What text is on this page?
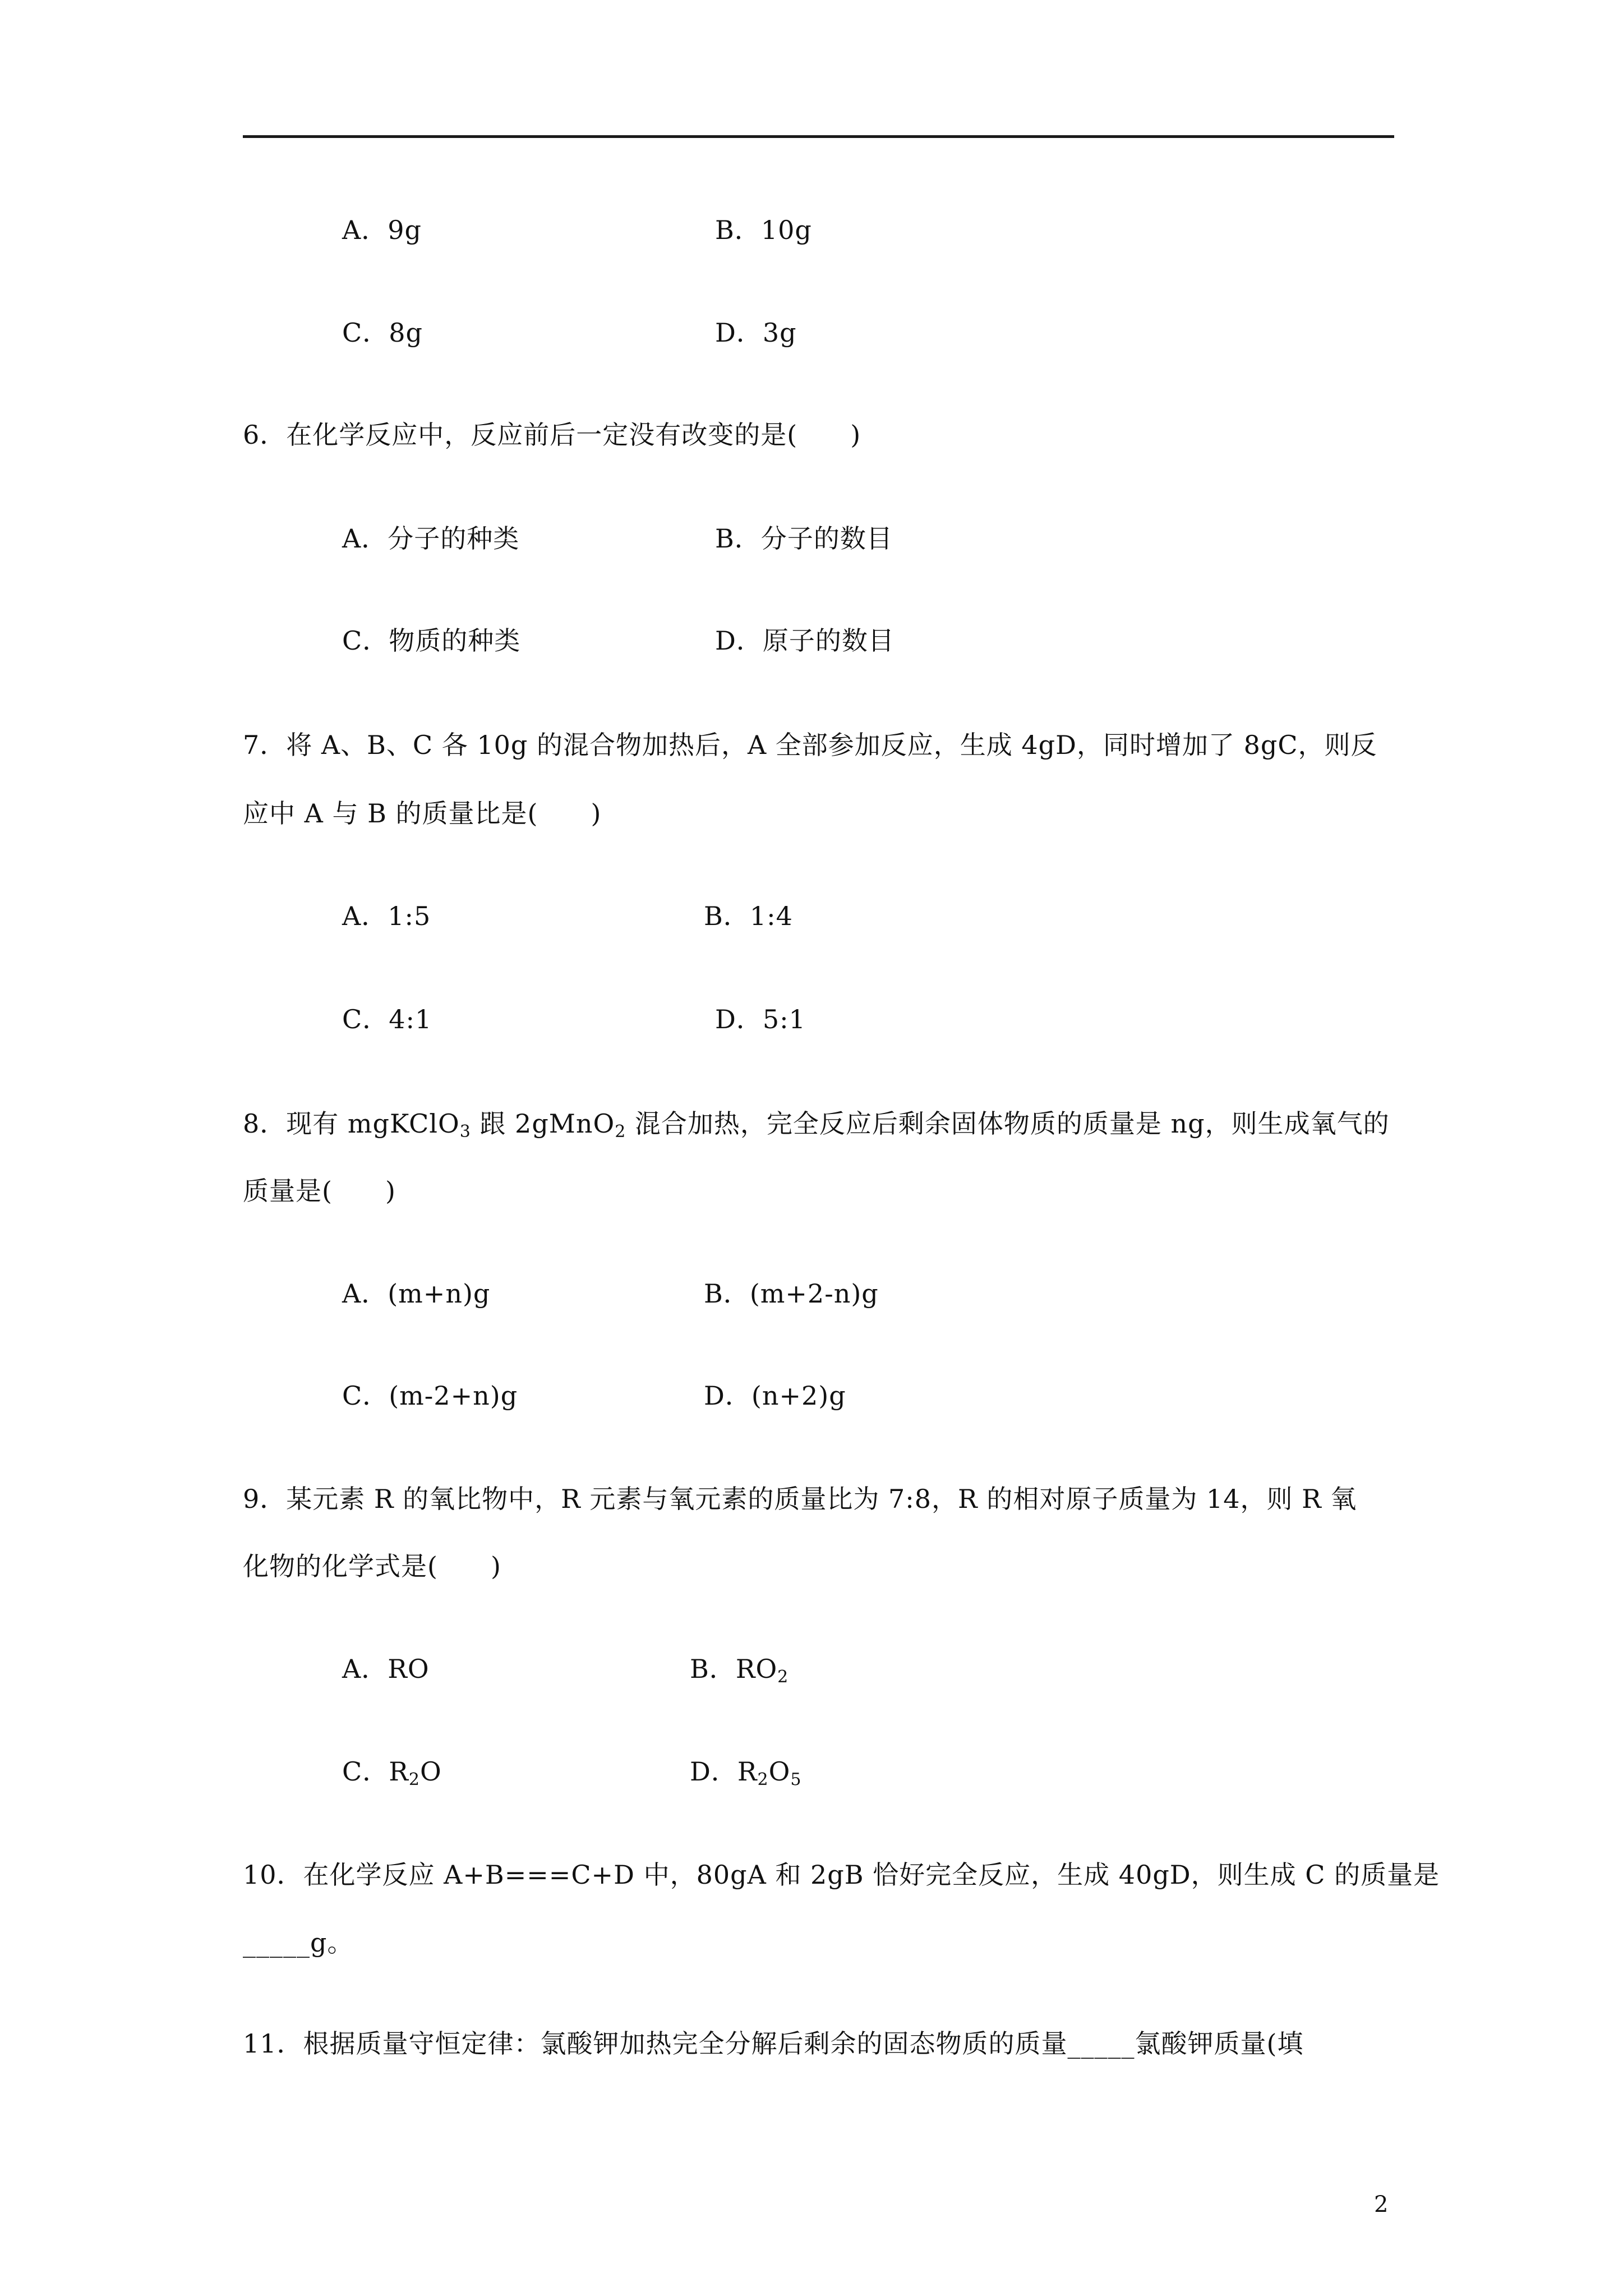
A．9g	B．10g
C．8g	D．3g
6．在化学反应中，反应前后一定没有改变的是(　　)
A．分子的种类	B．分子的数目
C．物质的种类	D．原子的数目
7．将 A、B、C 各 10g 的混合物加热后，A 全部参加反应，生成 4gD，同时增加了 8gC，则反
应中 A 与 B 的质量比是(　　)
A．1:5	B．1:4
C．4:1	D．5:1
8．现有 mgKClO$_3$ 跟 2gMnO$_2$ 混合加热，完全反应后剩余固体物质的质量是 ng，则生成氧气的
质量是(　　)
A．(m+n)g	B．(m+2-n)g
C．(m-2+n)g	D．(n+2)g
9．某元素 R 的氧比物中，R 元素与氧元素的质量比为 7:8，R 的相对原子质量为 14，则 R 氧
化物的化学式是(　　)
A．RO	B．$RO_2$
C．$R_2O$	D．$R_2O_5$
10．在化学反应 A+B===C+D 中，80gA 和 2gB 恰好完全反应，生成 40gD，则生成 C 的质量是
_____g。
11．根据质量守恒定律：氯酸钾加热完全分解后剩余的固态物质的质量_____氯酸钾质量(填
2
